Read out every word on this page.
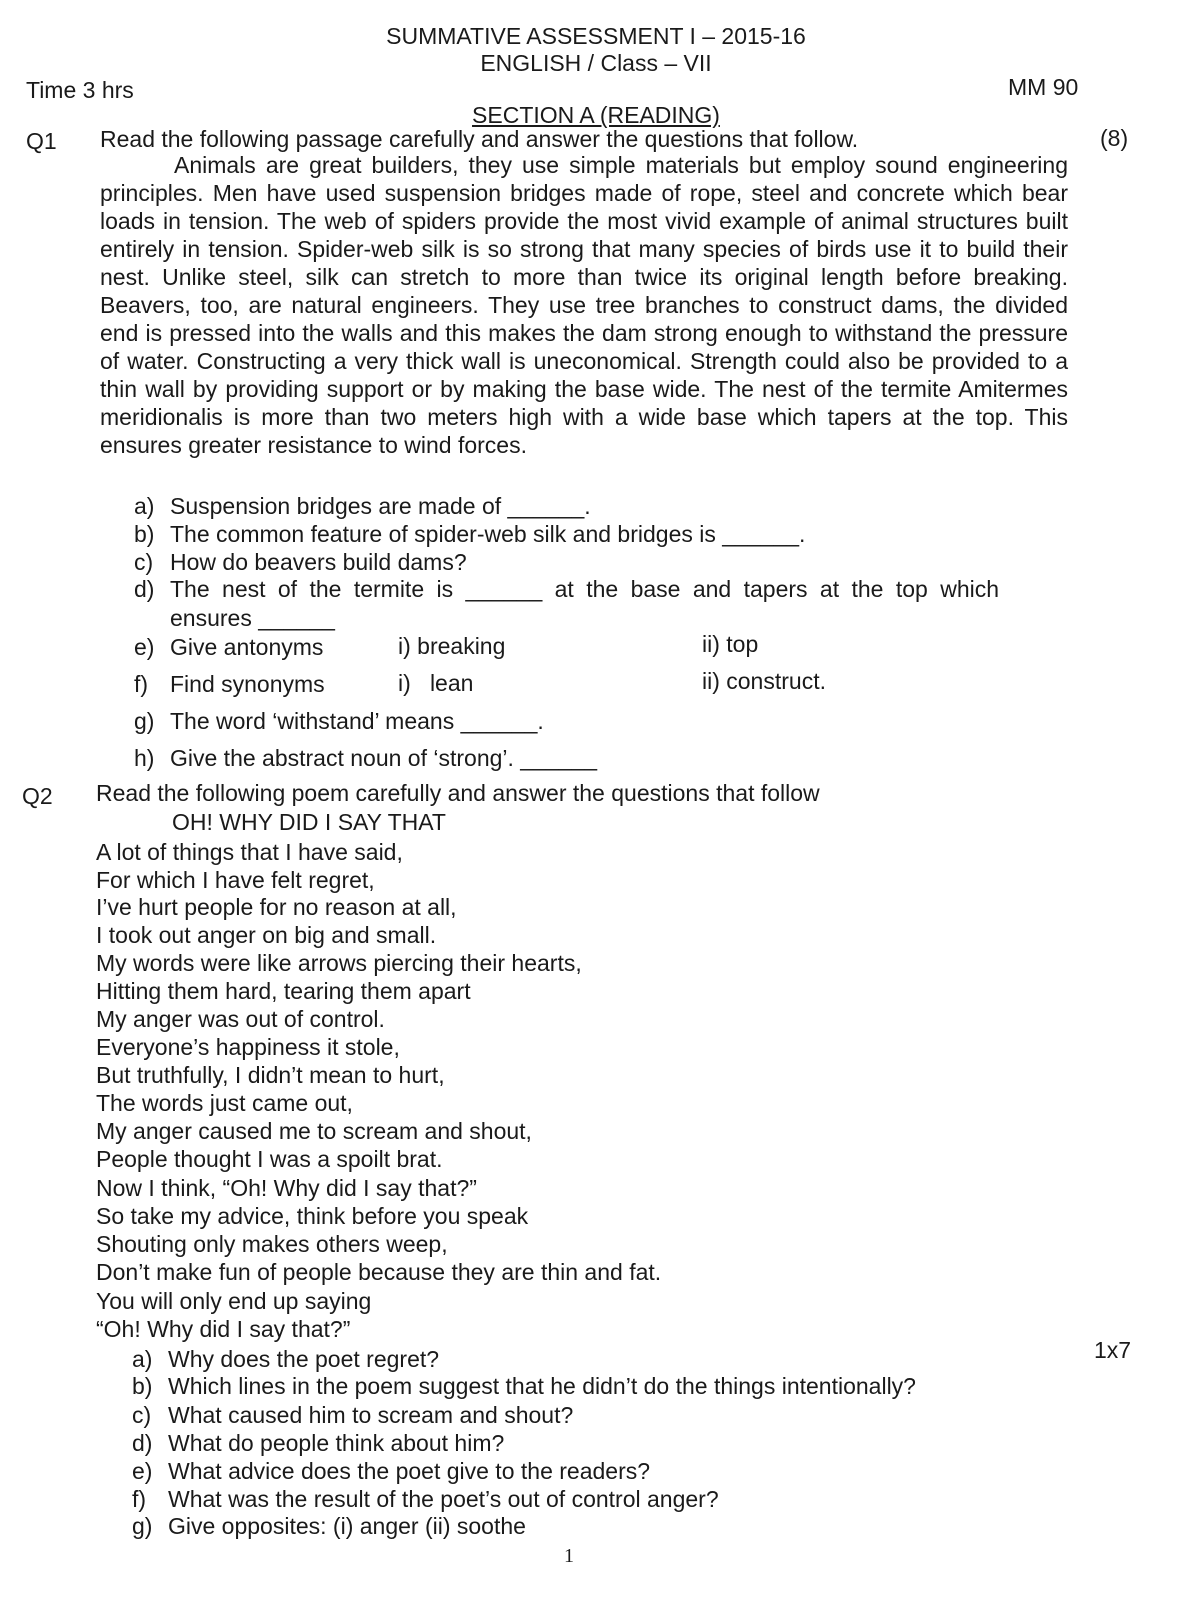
SUMMATIVE ASSESSMENT I – 2015-16
ENGLISH / Class – VII
Time 3 hrs	MM 90
SECTION A (READING)
Q1 Read the following passage carefully and answer the questions that follow.	(8)

Animals are great builders, they use simple materials but employ sound engineering principles. Men have used suspension bridges made of rope, steel and concrete which bear loads in tension. The web of spiders provide the most vivid example of animal structures built entirely in tension. Spider-web silk is so strong that many species of birds use it to build their nest. Unlike steel, silk can stretch to more than twice its original length before breaking. Beavers, too, are natural engineers. They use tree branches to construct dams, the divided end is pressed into the walls and this makes the dam strong enough to withstand the pressure of water. Constructing a very thick wall is uneconomical. Strength could also be provided to a thin wall by providing support or by making the base wide. The nest of the termite Amitermes meridionalis is more than two meters high with a wide base which tapers at the top. This ensures greater resistance to wind forces.

a) Suspension bridges are made of ______.
b) The common feature of spider-web silk and bridges is ______.
c) How do beavers build dams?
d) The nest of the termite is ______ at the base and tapers at the top which
ensures ______
e) Give antonyms	i) breaking	ii) top
f) Find synonyms	i)   lean	ii) construct.
g) The word ‘withstand’ means ______.
h) Give the abstract noun of ‘strong’. ______
Q2 Read the following poem carefully and answer the questions that follow
OH! WHY DID I SAY THAT
A lot of things that I have said,
For which I have felt regret,
I’ve hurt people for no reason at all,
I took out anger on big and small.
My words were like arrows piercing their hearts,
Hitting them hard, tearing them apart
My anger was out of control.
Everyone’s happiness it stole,
But truthfully, I didn’t mean to hurt,
The words just came out,
My anger caused me to scream and shout,
People thought I was a spoilt brat.
Now I think, “Oh! Why did I say that?”
So take my advice, think before you speak
Shouting only makes others weep,
Don’t make fun of people because they are thin and fat.
You will only end up saying
“Oh! Why did I say that?”
1x7
a) Why does the poet regret?
b) Which lines in the poem suggest that he didn’t do the things intentionally?
c) What caused him to scream and shout?
d) What do people think about him?
e) What advice does the poet give to the readers?
f) What was the result of the poet’s out of control anger?
g) Give opposites: (i) anger (ii) soothe
1
